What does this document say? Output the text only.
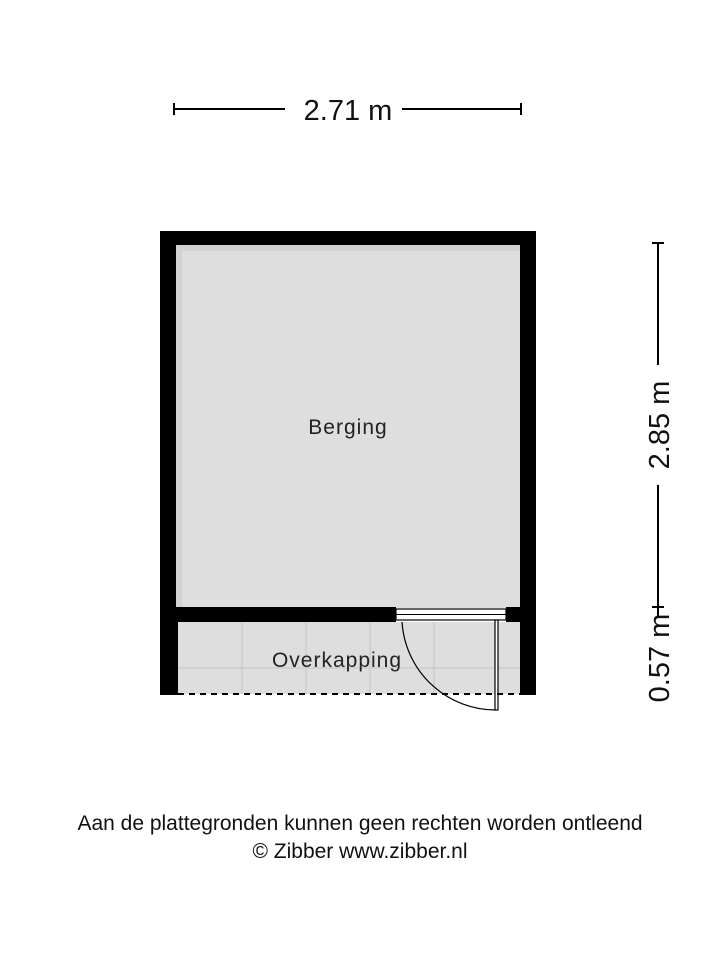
2.71 m
2.85 m
0.57 m
Berging
Overkapping
Aan de plattegronden kunnen geen rechten worden ontleend
© Zibber www.zibber.nl
